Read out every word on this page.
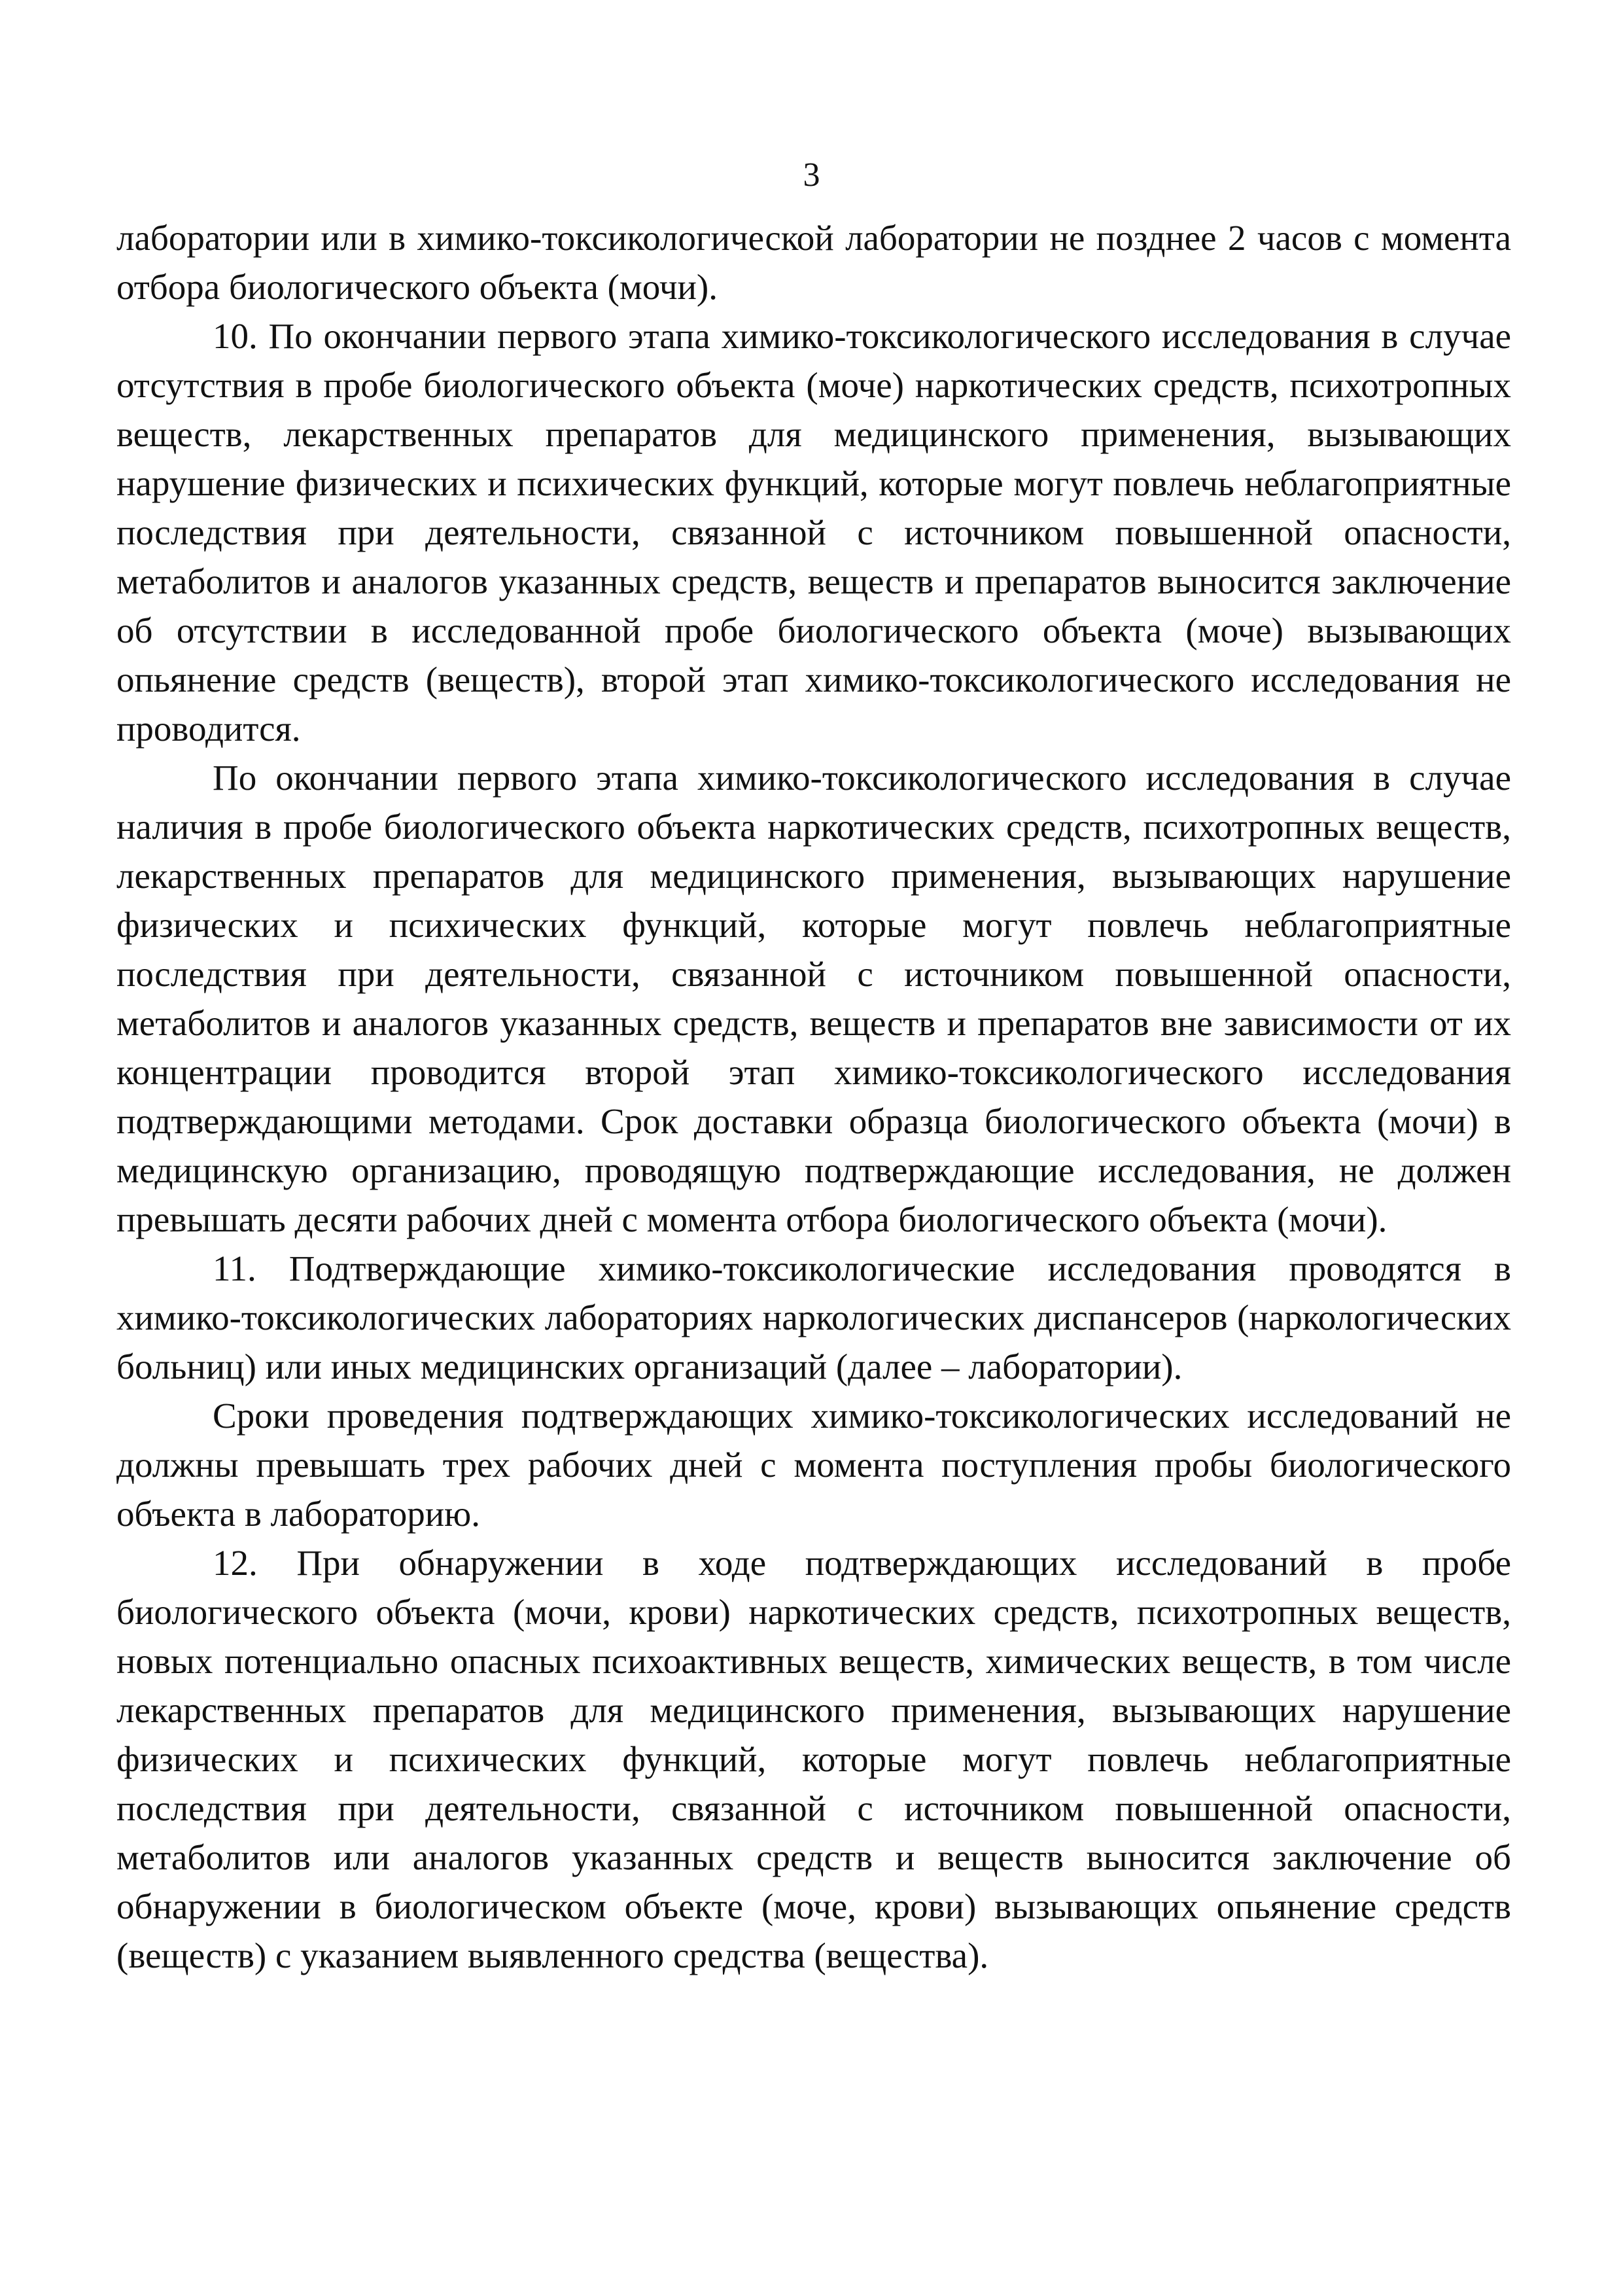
3

лаборатории или в химико-токсикологической лаборатории не позднее 2 часов с момента отбора биологического объекта (мочи).

10. По окончании первого этапа химико-токсикологического исследования в случае отсутствия в пробе биологического объекта (моче) наркотических средств, психотропных веществ, лекарственных препаратов для медицинского применения, вызывающих нарушение физических и психических функций, которые могут повлечь неблагоприятные последствия при деятельности, связанной с источником повышенной опасности, метаболитов и аналогов указанных средств, веществ и препаратов выносится заключение об отсутствии в исследованной пробе биологического объекта (моче) вызывающих опьянение средств (веществ), второй этап химико-токсикологического исследования не проводится.

По окончании первого этапа химико-токсикологического исследования в случае наличия в пробе биологического объекта наркотических средств, психотропных веществ, лекарственных препаратов для медицинского применения, вызывающих нарушение физических и психических функций, которые могут повлечь неблагоприятные последствия при деятельности, связанной с источником повышенной опасности, метаболитов и аналогов указанных средств, веществ и препаратов вне зависимости от их концентрации проводится второй этап химико-токсикологического исследования подтверждающими методами. Срок доставки образца биологического объекта (мочи) в медицинскую организацию, проводящую подтверждающие исследования, не должен превышать десяти рабочих дней с момента отбора биологического объекта (мочи).

11. Подтверждающие химико-токсикологические исследования проводятся в химико-токсикологических лабораториях наркологических диспансеров (наркологических больниц) или иных медицинских организаций (далее – лаборатории).

Сроки проведения подтверждающих химико-токсикологических исследований не должны превышать трех рабочих дней с момента поступления пробы биологического объекта в лабораторию.

12. При обнаружении в ходе подтверждающих исследований в пробе биологического объекта (мочи, крови) наркотических средств, психотропных веществ, новых потенциально опасных психоактивных веществ, химических веществ, в том числе лекарственных препаратов для медицинского применения, вызывающих нарушение физических и психических функций, которые могут повлечь неблагоприятные последствия при деятельности, связанной с источником повышенной опасности, метаболитов или аналогов указанных средств и веществ выносится заключение об обнаружении в биологическом объекте (моче, крови) вызывающих опьянение средств (веществ) с указанием выявленного средства (вещества).
